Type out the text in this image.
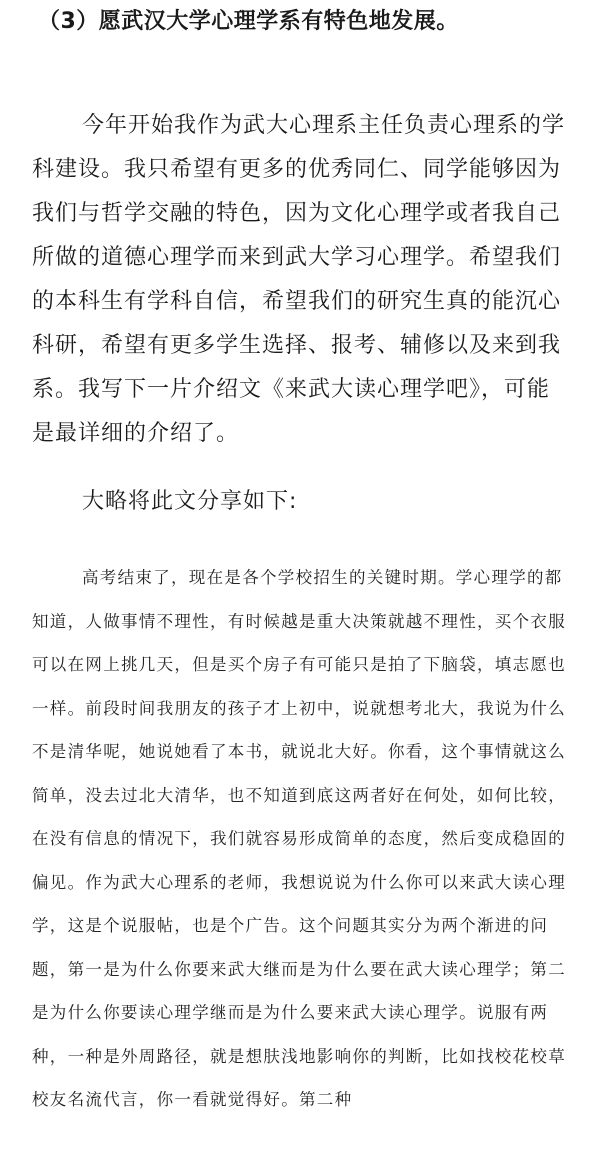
（3）愿武汉大学心理学系有特色地发展。

今年开始我作为武大心理系主任负责心理系的学科建设。我只希望有更多的优秀同仁、同学能够因为我们与哲学交融的特色，因为文化心理学或者我自己所做的道德心理学而来到武大学习心理学。希望我们的本科生有学科自信，希望我们的研究生真的能沉心科研，希望有更多学生选择、报考、辅修以及来到我系。我写下一片介绍文《来武大读心理学吧》，可能是最详细的介绍了。

大略将此文分享如下:

高考结束了，现在是各个学校招生的关键时期。学心理学的都知道，人做事情不理性，有时候越是重大决策就越不理性，买个衣服可以在网上挑几天，但是买个房子有可能只是拍了下脑袋，填志愿也一样。前段时间我朋友的孩子才上初中，说就想考北大，我说为什么不是清华呢，她说她看了本书，就说北大好。你看，这个事情就这么简单，没去过北大清华，也不知道到底这两者好在何处，如何比较，在没有信息的情况下，我们就容易形成简单的态度，然后变成稳固的偏见。作为武大心理系的老师，我想说说为什么你可以来武大读心理学，这是个说服帖，也是个广告。这个问题其实分为两个渐进的问题，第一是为什么你要来武大继而是为什么要在武大读心理学；第二是为什么你要读心理学继而是为什么要来武大读心理学。说服有两种，一种是外周路径，就是想肤浅地影响你的判断，比如找校花校草校友名流代言，你一看就觉得好。第二种
